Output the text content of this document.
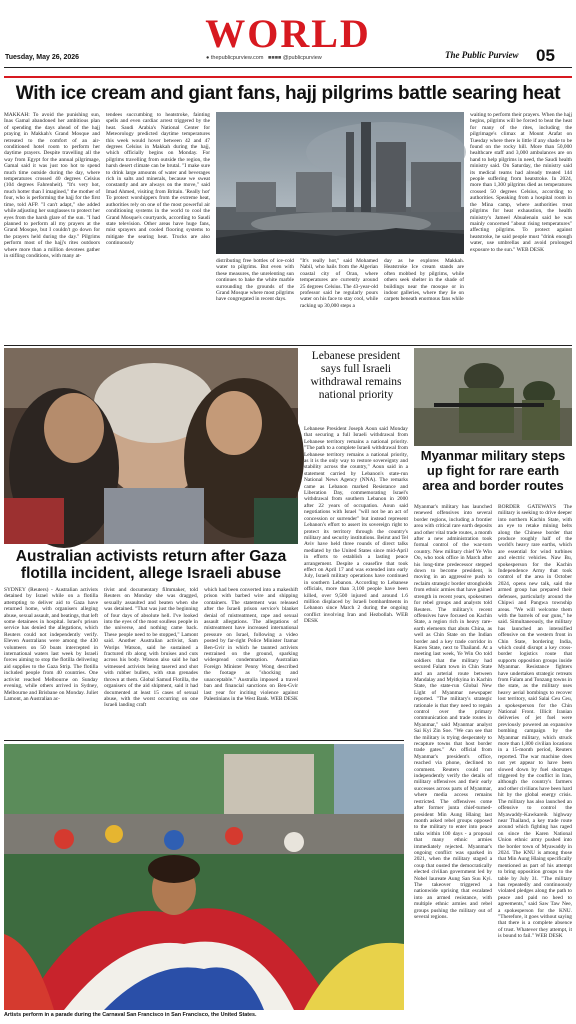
WORLD
Tuesday, May 26, 2026	● thepublicpurview.com ■■■■ @publicpurview	The Public Purview 05
With ice cream and giant fans, hajj pilgrims battle searing heat
MAKKAH: To avoid the punishing sun, Inas Gamal abandoned her ambitious plan of spending the days ahead of the hajj praying in Makkah's Grand Mosque and retreated to the comfort of an air-conditioned hotel room to perform her daytime prayers. Despite travelling all the way from Egypt for the annual pilgrimage, Gamal said it was just too hot to spend much time outside during the day, where temperatures crossed 40 degrees Celsius (104 degrees Fahrenheit). "It's very hot, much hotter than I imagined," the mother of four, who is performing the hajj for the first time, told AFP. "I can't adapt," she added while adjusting her sunglasses to protect her eyes from the harsh glare of the sun. "I had planned to perform all my prayers at the Grand Mosque, but I couldn't go down for the prayers held during the day." Pilgrims perform most of the hajj's rites outdoors where more than a million devotees gather in stifling conditions, with many at-
tendees succumbing to heatstroke, fainting spells and even cardiac arrest triggered by the heat. Saudi Arabia's National Center for Meteorology predicted daytime temperatures this week would hover between 42 and 47 degrees Celsius in Makkah during the hajj, which officially begins on Monday. For pilgrims travelling from outside the region, the harsh desert climate can be brutal. "I make sure to drink large amounts of water and beverages rich in salts and minerals, because we sweat constantly and are always on the move," said Imad Ahmed, visiting from Britain. 'Really hot' To protect worshippers from the extreme heat, authorities rely on one of the most powerful air conditioning systems in the world to cool the Grand Mosque's courtyards, according to Saudi state television. Other areas have huge fans, mist sprayers and cooled flooring systems to mitigate the searing heat. Trucks are also continuously
distributing free bottles of ice-cold water to pilgrims. But even with these measures, the unrelenting sun continues to bake the white marble surrounding the grounds of the Grand Mosque where most pilgrims have congregated in recent days.
"It's really hot," said Mohamed Nabil, who hails from the Algerian coastal city of Oran, where temperatures are currently around 25 degrees Celsius. The 43-year-old professor said he regularly pours water on his face to stay cool, while racking up 30,000 steps a
day as he explores Makkah. Heatstroke Ice cream stands are often mobbed by pilgrims, while others seek shelter in the shade of buildings near the mosque or in indoor galleries, where they lie on carpets beneath enormous fans while
waiting to perform their prayers. When the hajj begins, pilgrims will be forced to beat the heat for many of the rites, including the pilgrimage's climax at Mount Arafat on Tuesday where there is little if any shade to be found on the rocky hill. More than 50,000 healthcare staff and 3,000 ambulances are on hand to help pilgrims in need, the Saudi health ministry said. On Saturday, the ministry said its medical teams had already treated 144 people suffering from heatstroke. In 2024, more than 1,300 pilgrims died as temperatures crossed 50 degrees Celsius, according to authorities. Speaking from a hospital room in the Mina camp, where authorities treat pilgrims for heat exhaustion, the health ministry's Jameel Abualenain said he was mainly concerned "about rising temperatures" affecting pilgrims. To protect against heatstroke, he said people must "drink enough water, use umbrellas and avoid prolonged exposure to the sun." WEB DESK
Australian activists return after Gaza flotilla incident, allege Israeli abuse
SYDNEY (Reuters) - Australian activists detained by Israel while on a flotilla attempting to deliver aid to Gaza have returned home, with organisers alleging abuse, sexual assault, and beatings, that left some detainees in hospital. Israel's prison service has denied the allegations, which Reuters could not independently verify. Eleven Australians were among the 430 volunteers on 50 boats intercepted in international waters last week by Israeli forces aiming to stop the flotilla delivering aid supplies to the Gaza Strip. The flotilla included people from 40 countries. One activist reached Melbourne on Sunday evening, while others arrived in Sydney, Melbourne and Brisbane on Monday. Juliet Lamont, an Australian ac-
tivist and documentary filmmaker, told Reuters on Monday she was dragged, sexually assaulted and beaten when she was detained. "That was just the beginning of four days of absolute hell. I've looked into the eyes of the most soulless people in the universe, and nothing came back. These people need to be stopped," Lamont said. Another Australian activist, Sam Worips Watson, said he sustained a fractured rib along with bruises and cuts across his body. Watson also said he had witnessed activists being tasered and shot with rubber bullets, with stun grenades thrown at them. Global Samud Flotilla, the organisers of the aid shipment, said it had documented at least 15 cases of sexual abuse, with the worst occurring on one Israeli landing craft
which had been converted into a makeshift prison with barbed wire and shipping containers. The statement was released after the Israeli prison service's blanket denial of mistreatment, rape and sexual assault allegations. The allegations of mistreatment have increased international pressure on Israel, following a video posted by far-right Police Minister Itamar Ben-Gvir in which he taunted activists restrained on the ground, sparking widespread condemnation. Australian Foreign Minister Penny Wong described the footage as "shocking and unacceptable." Australia imposed a travel ban and financial sanctions on Ben-Gvir last year for inciting violence against Palestinians in the West Bank. WEB DESK
Lebanese president says full Israeli withdrawal remains national priority
Lebanese President Joseph Aoun said Monday that securing a full Israeli withdrawal from Lebanese territory remains a national priority. "The path to a complete Israeli withdrawal from Lebanese territory remains a national priority, as it is the only way to restore sovereignty and stability across the country," Aoun said in a statement carried by Lebanon's state-run National News Agency (NNA). The remarks came as Lebanon marked Resistance and Liberation Day, commemorating Israel's withdrawal from southern Lebanon in 2000 after 22 years of occupation. Aoun said negotiations with Israel "will not be an act of concession or surrender" but instead represent Lebanon's effort to assert its sovereign right to protect its territory through the country's military and security institutions. Beirut and Tel Aviv have held three rounds of direct talks mediated by the United States since mid-April in efforts to establish a lasting peace arrangement. Despite a ceasefire that took effect on April 17 and was extended into early July, Israeli military operations have continued in southern Lebanon. According to Lebanese officials, more than 3,100 people have been killed, over 9,500 injured and around 1.6 million displaced by Israeli bombardments in Lebanon since March 2 during the ongoing conflict involving Iran and Hezbollah. WEB DESK
Myanmar military steps up fight for rare earth area and border routes
Myanmar's military has launched renewed offensives into several border regions, including a frontier area with critical rare earth deposits and other vital trade routes, a month after a new administration took formal control of the war-torn country. New military chief Ye Win Oo, who took office in March after his long-time predecessor stepped down to become president, is moving in an aggressive push to reclaim strategic border strongholds from ethnic armies that have gained strength in recent years, spokesmen for rebel groups and analysts told Reuters. The military's recent offensives have focused on Kachin State, a region rich in heavy rare-earth elements that abuts China, as well as Chin State on the Indian border and a key trade corridor in Karen State, next to Thailand. At a meeting last week, Ye Win Oo told soldiers that the military had secured Falam town in Chin State and an arterial route between Mandalay and Myitkyina in Kachin State, the state-run Global New Light of Myanmar newspaper reported. "The military's strategic rationale is that they need to regain control over the primary communication and trade routes in Myanmar," said Myanmar analyst Sai Kyi Zin Soe. "We can see that the military is trying desperately to recapture towns that host border trade gates." An official from Myanmar's president's office, reached via phone, declined to comment. Reuters could not independently verify the details of military offensives and their early successes across parts of Myanmar, where media access remains restricted. The offensives come after former junta chief-turned-president Min Aung Hlaing last month asked rebel groups opposed to the military to enter into peace talks within 100 days - a proposal that many ethnic armies immediately rejected. Myanmar's ongoing conflict was sparked in 2021, when the military staged a coup that ousted the democratically elected civilian government led by Nobel laureate Aung San Suu Kyi. The takeover triggered a nationwide uprising that escalated into an armed resistance, with multiple ethnic armies and rebel groups pushing the military out of several regions.
BORDER GATEWAYS The military is seeking to drive deeper into northern Kachin State, with an eye to retake mining belts along the Chinese border that produce roughly half of the world's heavy rare earths, which are essential for wind turbines and electric vehicles. Naw Bu, spokesperson for the Kachin Independence Army that took control of the area in October 2024, opens new talk, said the armed group has prepared their defenses, particularly around the Chipwi and Pangwa township areas. "We will welcome them with the barrels of our guns," he said. Simultaneously, the military has launched an intensified offensive on the western front in Chin State, bordering India, which could disrupt a key cross-border logistics route that supports opposition groups inside Myanmar. Resistance fighters have undertaken strategic retreats from Falam and Tonzang towns in the state, as the military uses heavy aerial bombings to recover lost territory, said Salai Ceu Ceu, a spokesperson for the Chin National Front. Illicit Iranian deliveries of jet fuel were previously powered an expansive bombing campaign by the Myanmar military, which struck more than 1,800 civilian locations in a 15-month period, Reuters reported. The war machine does not yet appear to have been slowed down by fuel shortages triggered by the conflict in Iran, although the country's farmers and other civilians have been hard hit by the global energy crisis. The military has also launched an offensive to control the Myawaddy-Kawkareik highway near Thailand, a key trade route around which fighting has raged on since the Karen National Union ethnic army pushed into the border town of Myawaddy in 2024. The KNU is among those that Min Aung Hlaing specifically mentioned as part of his attempt to bring opposition groups to the table by July 31. "The military has repeatedly and continuously violated pledges along the path to peace and paid no heed to agreements," said Saw Taw Nee, a spokesperson for the KNU. "Therefore, it goes without saying that there is a complete absence of trust. Whatever they attempt, it is bound to fail." WEB DESK
Artists perform in a parade during the Carnaval San Francisco in San Francisco, the United States.
